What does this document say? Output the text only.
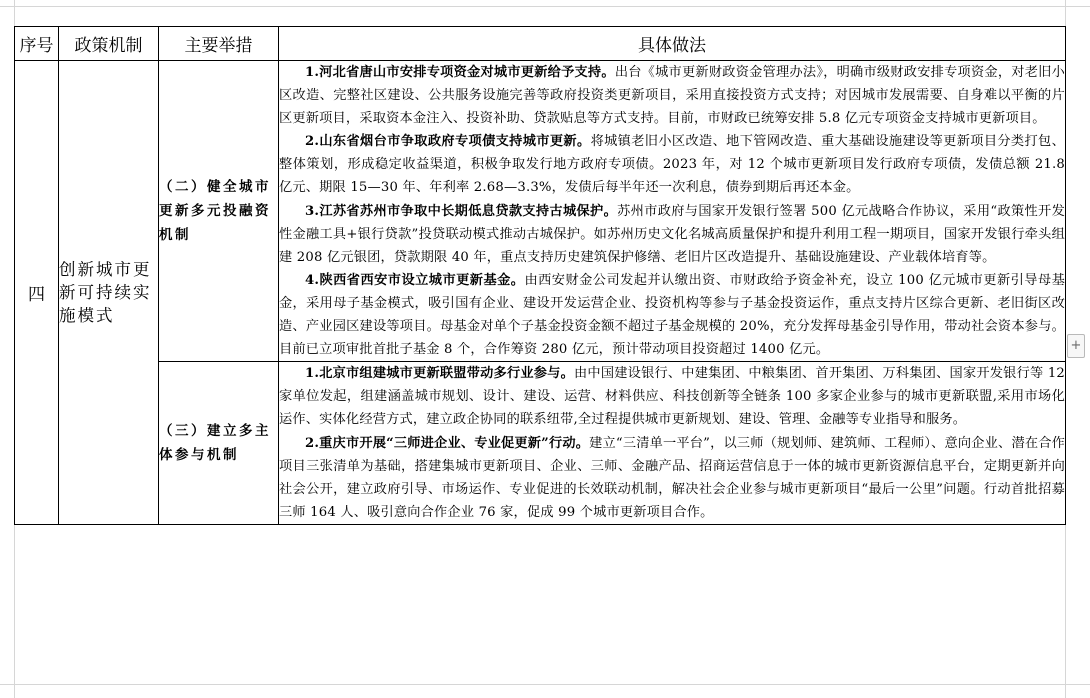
序号	政策机制	主要举措	具体做法
四	创新城市更新可持续实施模式	（二）健全城市更新多元投融资机制	1.河北省唐山市安排专项资金对城市更新给予支持。出台《城市更新财政资金管理办法》，明确市级财政安排专项资金，对老旧小区改造、完整社区建设、公共服务设施完善等政府投资类更新项目，采用直接投资方式支持；对因城市发展需要、自身难以平衡的片区更新项目，采取资本金注入、投资补助、贷款贴息等方式支持。目前，市财政已统筹安排 5.8 亿元专项资金支持城市更新项目。

2.山东省烟台市争取政府专项债支持城市更新。将城镇老旧小区改造、地下管网改造、重大基础设施建设等更新项目分类打包、整体策划，形成稳定收益渠道，积极争取发行地方政府专项债。2023 年，对 12 个城市更新项目发行政府专项债，发债总额 21.8 亿元、期限 15—30 年、年利率 2.68—3.3%，发债后每半年还一次利息，债券到期后再还本金。

3.江苏省苏州市争取中长期低息贷款支持古城保护。苏州市政府与国家开发银行签署 500 亿元战略合作协议，采用“政策性开发性金融工具+银行贷款”投贷联动模式推动古城保护。如苏州历史文化名城高质量保护和提升利用工程一期项目，国家开发银行牵头组建 208 亿元银团，贷款期限 40 年，重点支持历史建筑保护修缮、老旧片区改造提升、基础设施建设、产业载体培育等。

4.陕西省西安市设立城市更新基金。由西安财金公司发起并认缴出资、市财政给予资金补充，设立 100 亿元城市更新引导母基金，采用母子基金模式，吸引国有企业、建设开发运营企业、投资机构等参与子基金投资运作，重点支持片区综合更新、老旧街区改造、产业园区建设等项目。母基金对单个子基金投资金额不超过子基金规模的 20%，充分发挥母基金引导作用，带动社会资本参与。目前已立项审批首批子基金 8 个，合作筹资 280 亿元，预计带动项目投资超过 1400 亿元。

		（三）建立多主体参与机制	1.北京市组建城市更新联盟带动多行业参与。由中国建设银行、中建集团、中粮集团、首开集团、万科集团、国家开发银行等 12 家单位发起，组建涵盖城市规划、设计、建设、运营、材料供应、科技创新等全链条 100 多家企业参与的城市更新联盟,采用市场化运作、实体化经营方式，建立政企协同的联系纽带,全过程提供城市更新规划、建设、管理、金融等专业指导和服务。

2.重庆市开展“三师进企业、专业促更新”行动。建立“三清单一平台”，以三师（规划师、建筑师、工程师）、意向企业、潜在合作项目三张清单为基础，搭建集城市更新项目、企业、三师、金融产品、招商运营信息于一体的城市更新资源信息平台，定期更新并向社会公开，建立政府引导、市场运作、专业促进的长效联动机制，解决社会企业参与城市更新项目“最后一公里”问题。行动首批招募三师 164 人、吸引意向合作企业 76 家，促成 99 个城市更新项目合作。

+
